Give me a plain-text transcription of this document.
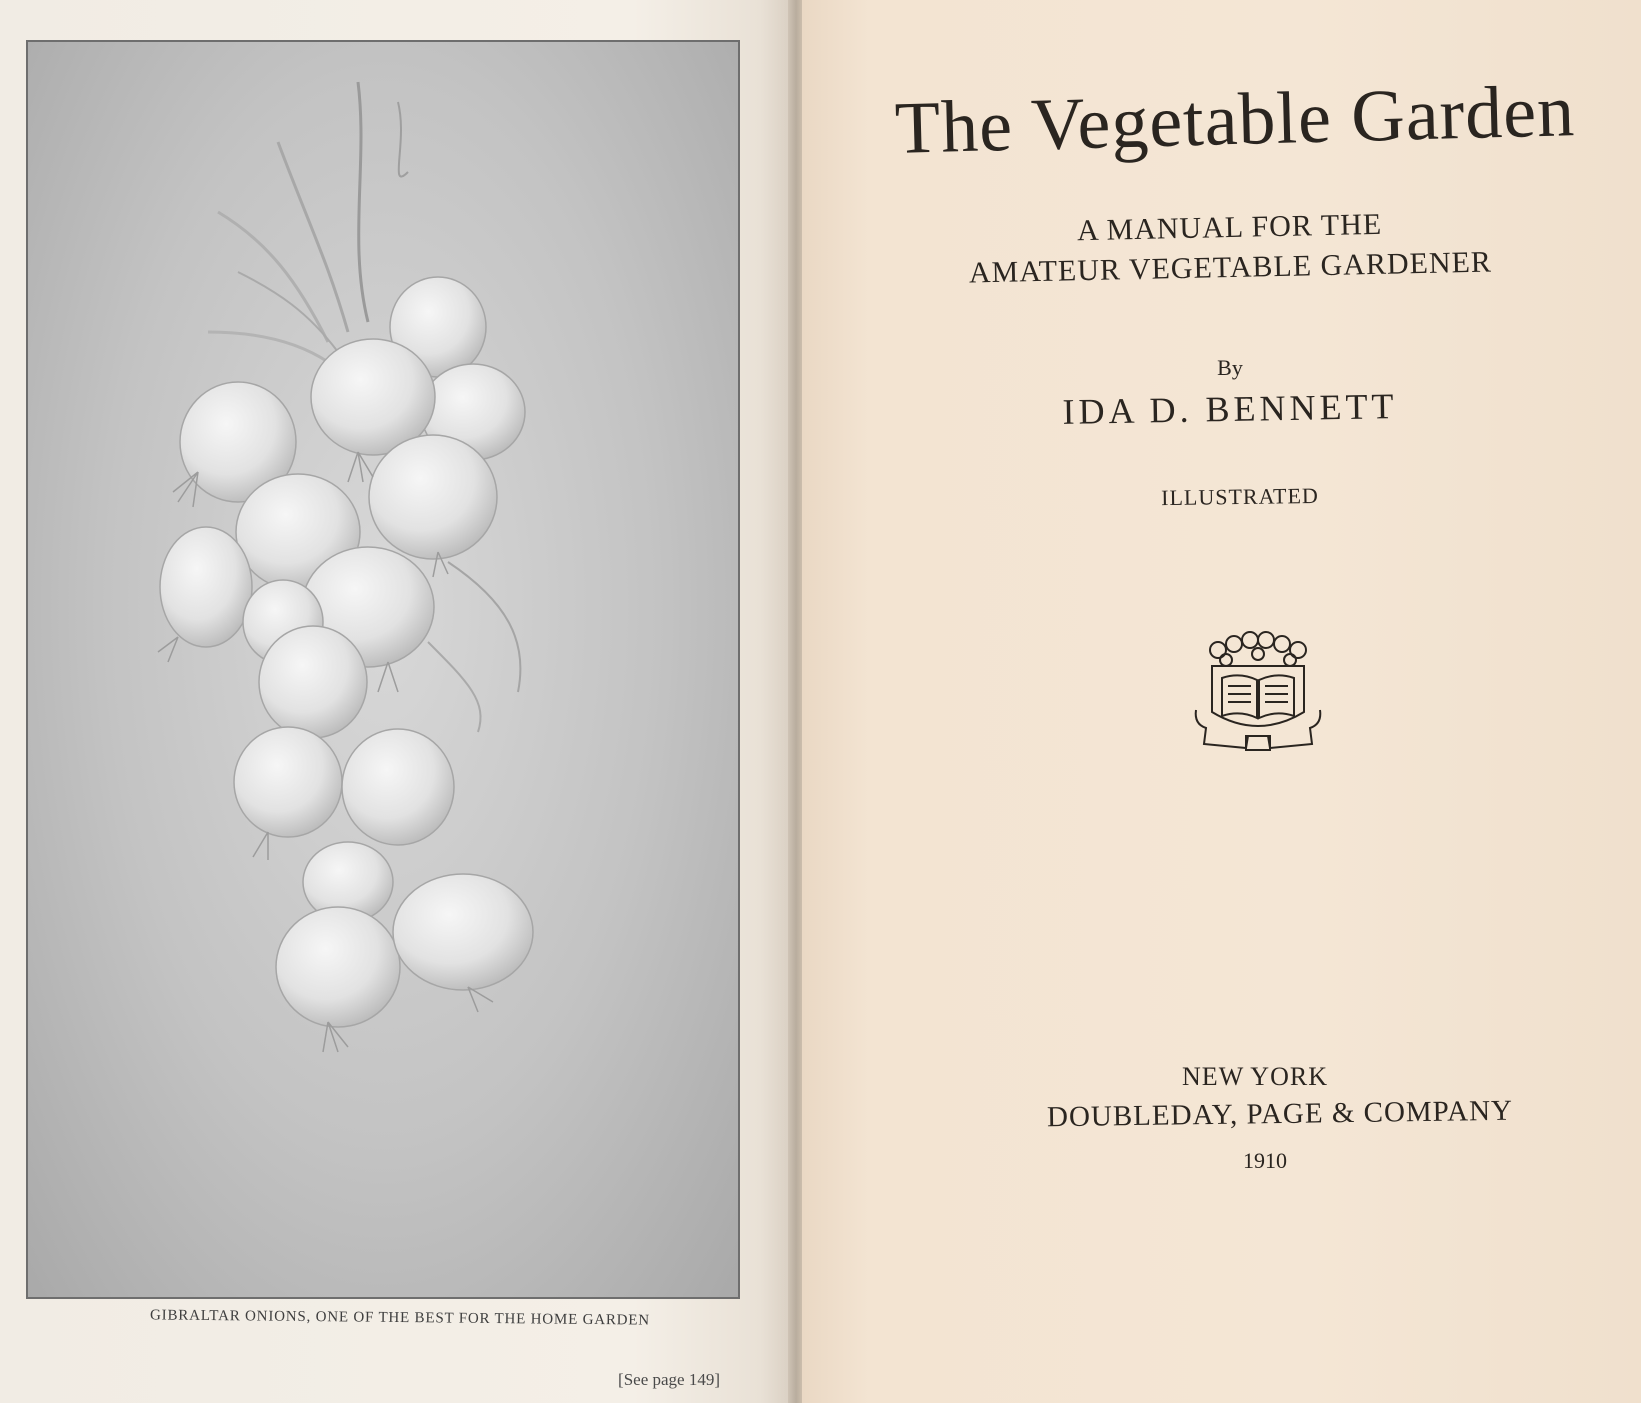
GIBRALTAR ONIONS, ONE OF THE BEST FOR THE HOME GARDEN
[See page 149]
The Vegetable Garden
A MANUAL FOR THE
AMATEUR VEGETABLE GARDENER
By
IDA D. BENNETT
ILLUSTRATED
NEW YORK
DOUBLEDAY, PAGE & COMPANY
1910
